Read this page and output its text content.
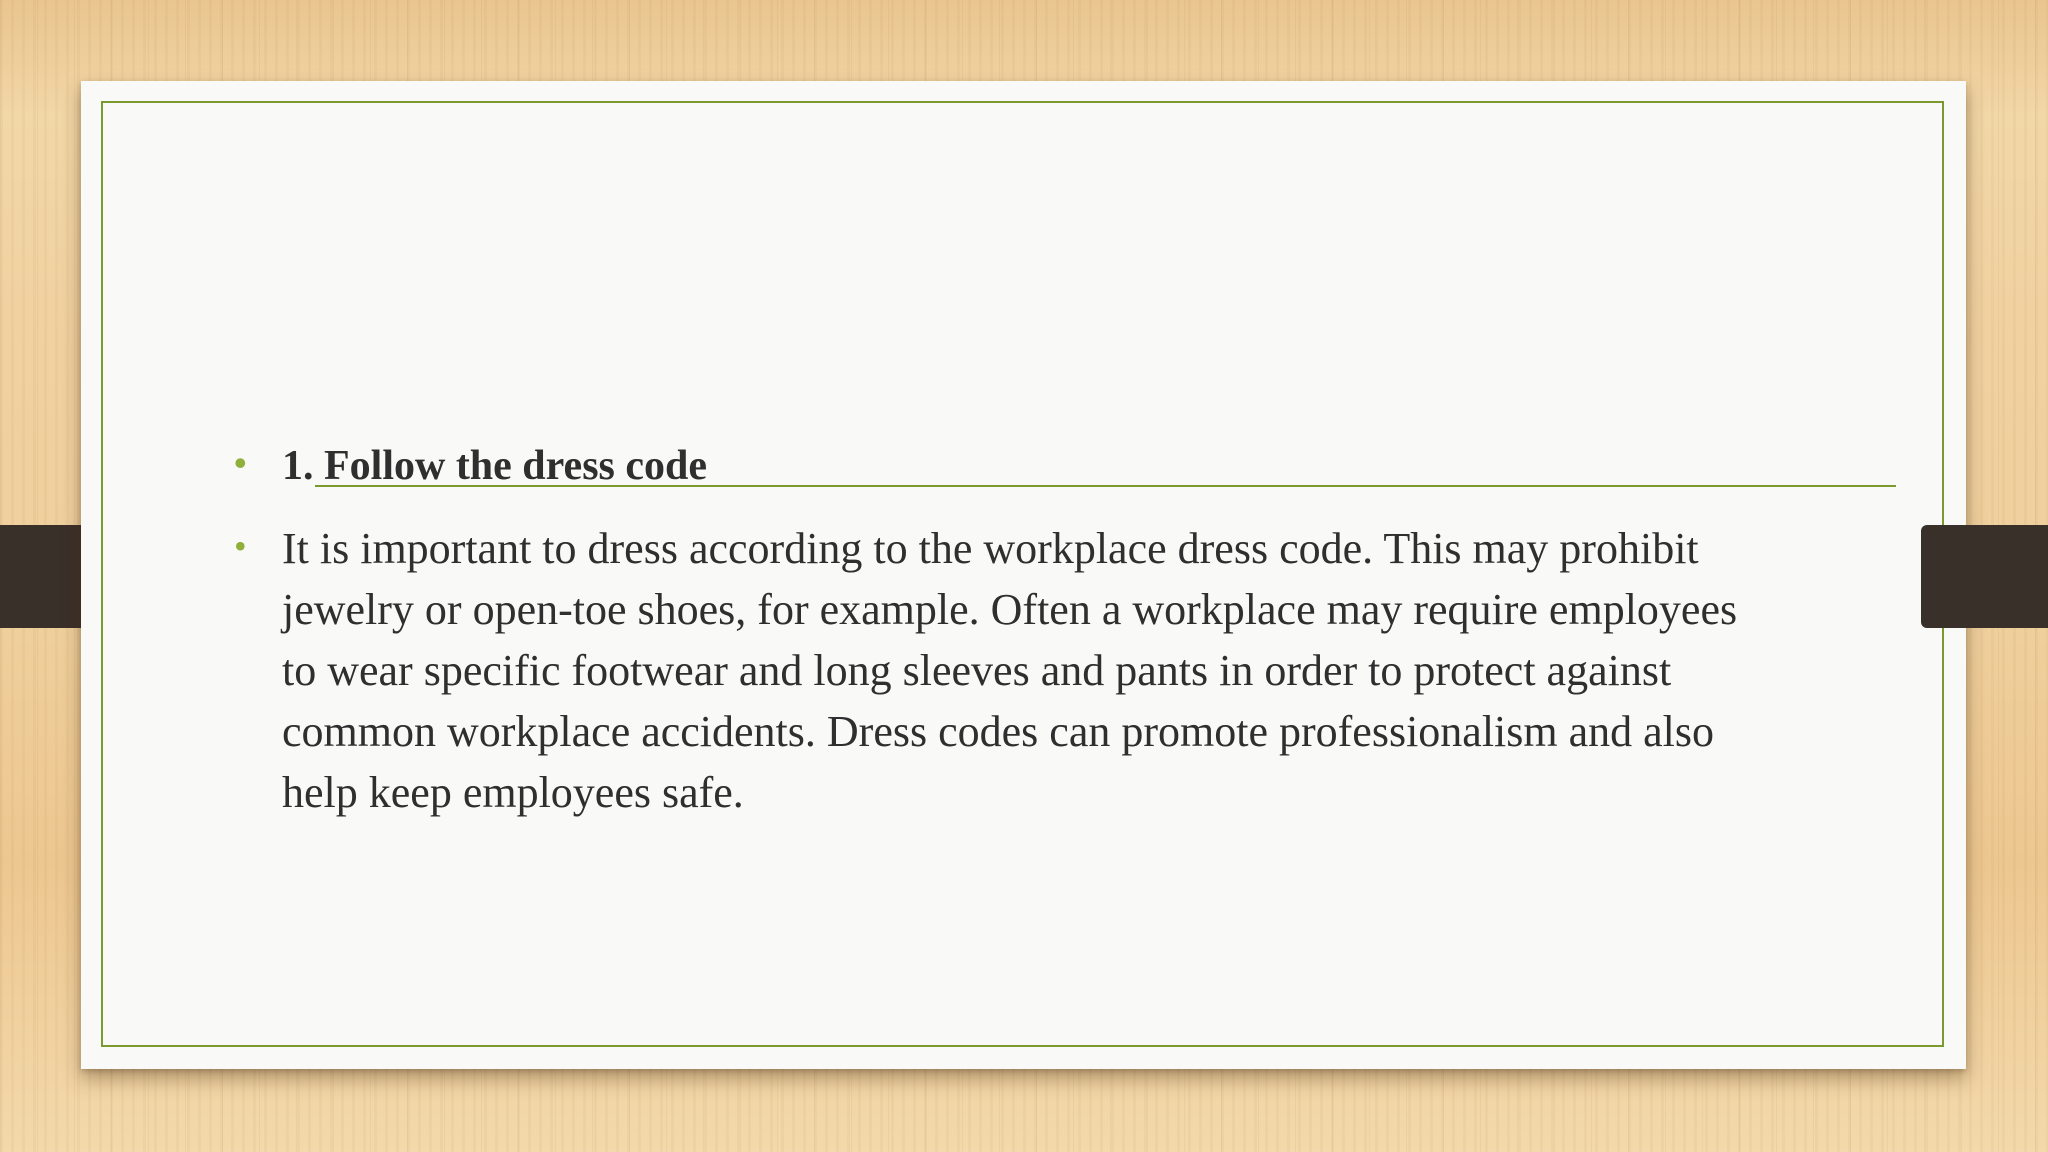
• 1. Follow the dress code
• It is important to dress according to the workplace dress code. This may prohibit jewelry or open-toe shoes, for example. Often a workplace may require employees to wear specific footwear and long sleeves and pants in order to protect against common workplace accidents. Dress codes can promote professionalism and also help keep employees safe.
